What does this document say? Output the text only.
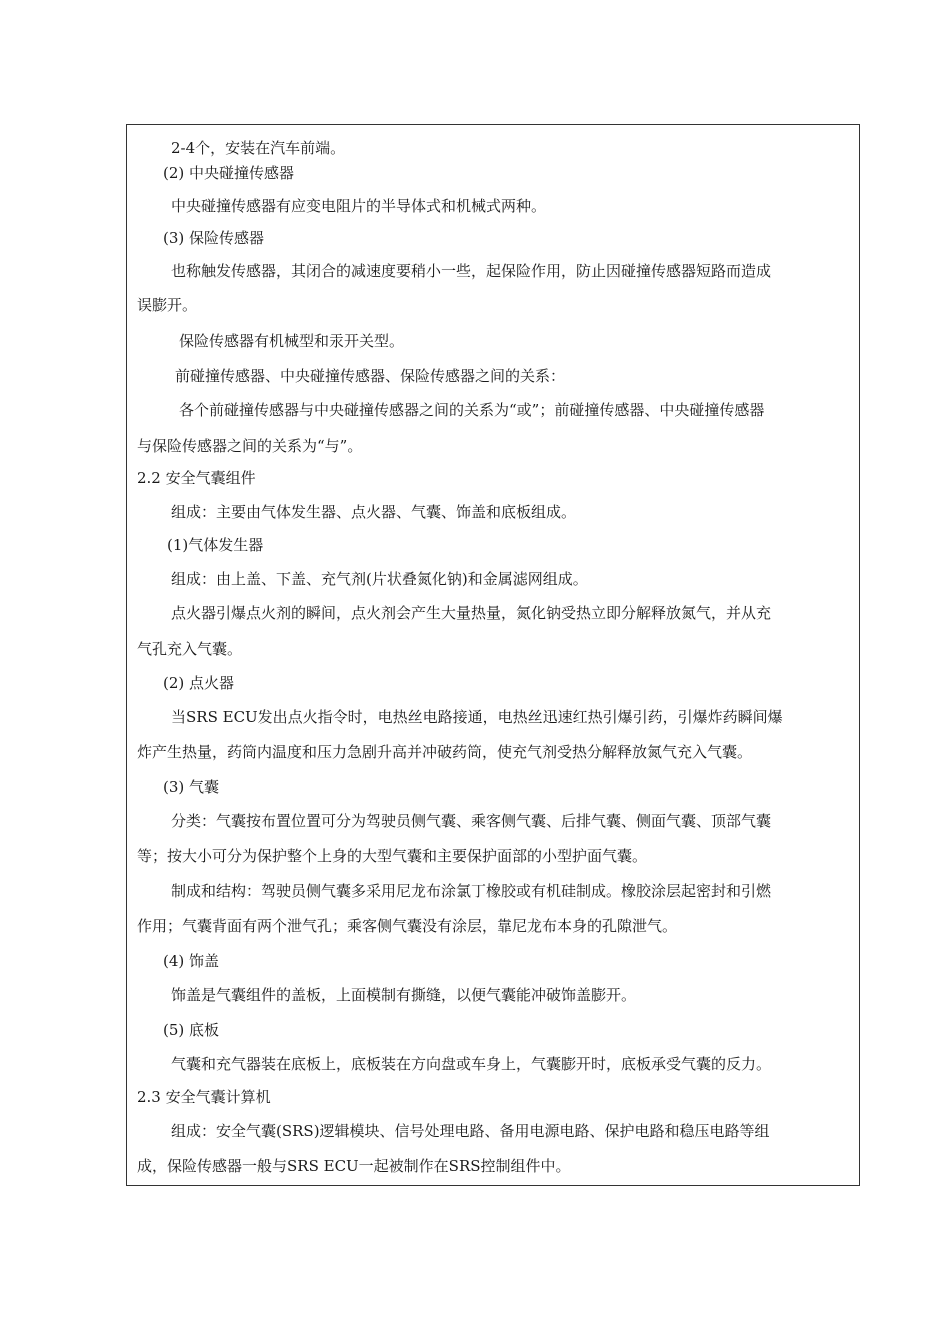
2-4个，安装在汽车前端。
(2) 中央碰撞传感器
中央碰撞传感器有应变电阻片的半导体式和机械式两种。
(3) 保险传感器
也称触发传感器，其闭合的减速度要稍小一些，起保险作用，防止因碰撞传感器短路而造成
误膨开。
保险传感器有机械型和汞开关型。
前碰撞传感器、中央碰撞传感器、保险传感器之间的关系：
各个前碰撞传感器与中央碰撞传感器之间的关系为“或”；前碰撞传感器、中央碰撞传感器
与保险传感器之间的关系为“与”。
2.2 安全气囊组件
组成：主要由气体发生器、点火器、气囊、饰盖和底板组成。
(1)气体发生器
组成：由上盖、下盖、充气剂(片状叠氮化钠)和金属滤网组成。
点火器引爆点火剂的瞬间，点火剂会产生大量热量，氮化钠受热立即分解释放氮气，并从充
气孔充入气囊。
(2) 点火器
当SRS ECU发出点火指令时，电热丝电路接通，电热丝迅速红热引爆引药，引爆炸药瞬间爆
炸产生热量，药筒内温度和压力急剧升高并冲破药筒，使充气剂受热分解释放氮气充入气囊。
(3) 气囊
分类：气囊按布置位置可分为驾驶员侧气囊、乘客侧气囊、后排气囊、侧面气囊、顶部气囊
等；按大小可分为保护整个上身的大型气囊和主要保护面部的小型护面气囊。
制成和结构：驾驶员侧气囊多采用尼龙布涂氯丁橡胶或有机硅制成。橡胶涂层起密封和引燃
作用；气囊背面有两个泄气孔；乘客侧气囊没有涂层，靠尼龙布本身的孔隙泄气。
(4) 饰盖
饰盖是气囊组件的盖板，上面模制有撕缝，以便气囊能冲破饰盖膨开。
(5) 底板
气囊和充气器装在底板上，底板装在方向盘或车身上，气囊膨开时，底板承受气囊的反力。
2.3 安全气囊计算机
组成：安全气囊(SRS)逻辑模块、信号处理电路、备用电源电路、保护电路和稳压电路等组
成，保险传感器一般与SRS ECU一起被制作在SRS控制组件中。
